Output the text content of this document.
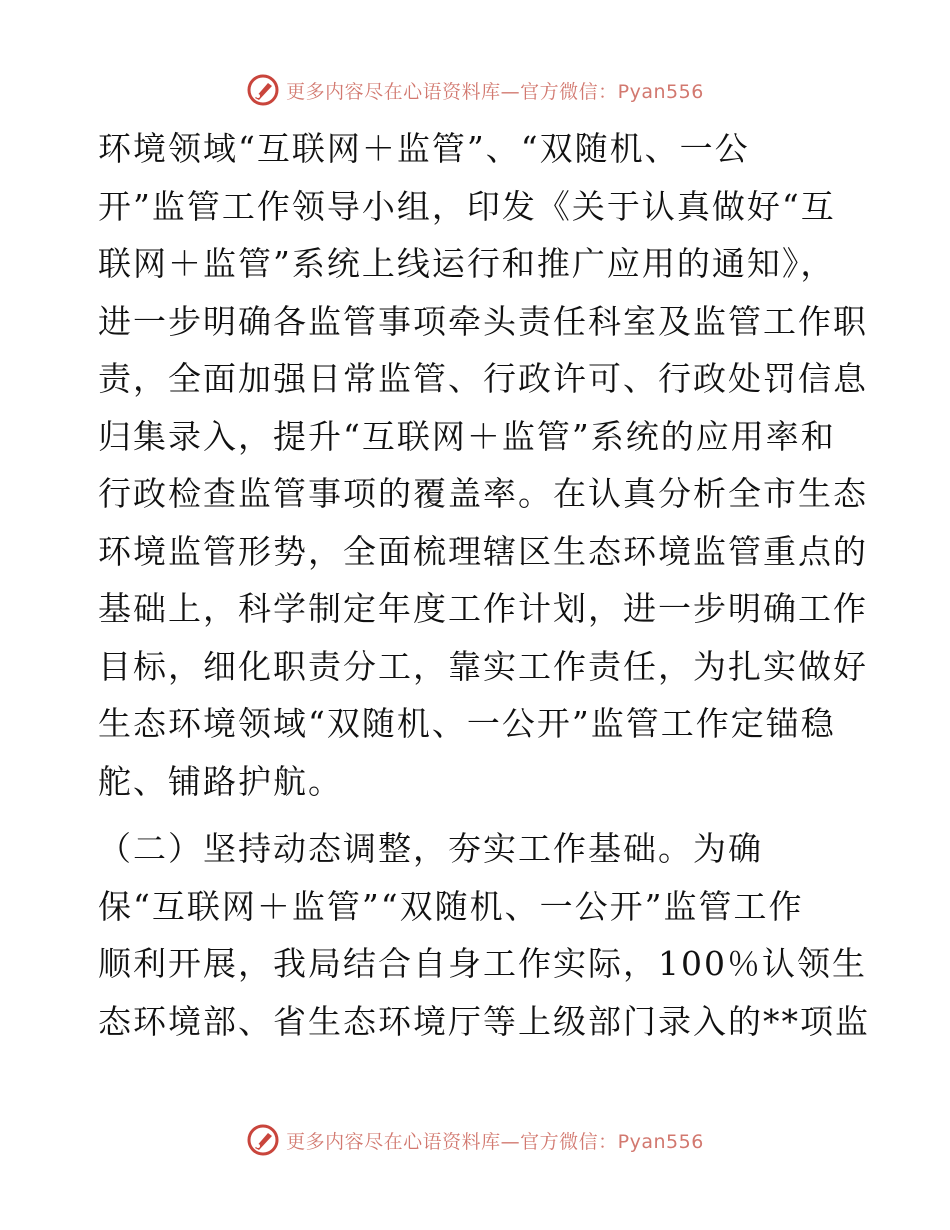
更多内容尽在心语资料库—官方微信：Pyan556
环境领域“互联网＋监管”、“双随机、一公
开”监管工作领导小组，印发《关于认真做好“互
联网＋监管”系统上线运行和推广应用的通知》，
进一步明确各监管事项牵头责任科室及监管工作职
责，全面加强日常监管、行政许可、行政处罚信息
归集录入，提升“互联网＋监管”系统的应用率和
行政检查监管事项的覆盖率。在认真分析全市生态
环境监管形势，全面梳理辖区生态环境监管重点的
基础上，科学制定年度工作计划，进一步明确工作
目标，细化职责分工，靠实工作责任，为扎实做好
生态环境领域“双随机、一公开”监管工作定锚稳
舵、铺路护航。
（二）坚持动态调整，夯实工作基础。为确
保“互联网＋监管”“双随机、一公开”监管工作
顺利开展，我局结合自身工作实际，100％认领生
态环境部、省生态环境厅等上级部门录入的**项监
更多内容尽在心语资料库—官方微信：Pyan556
